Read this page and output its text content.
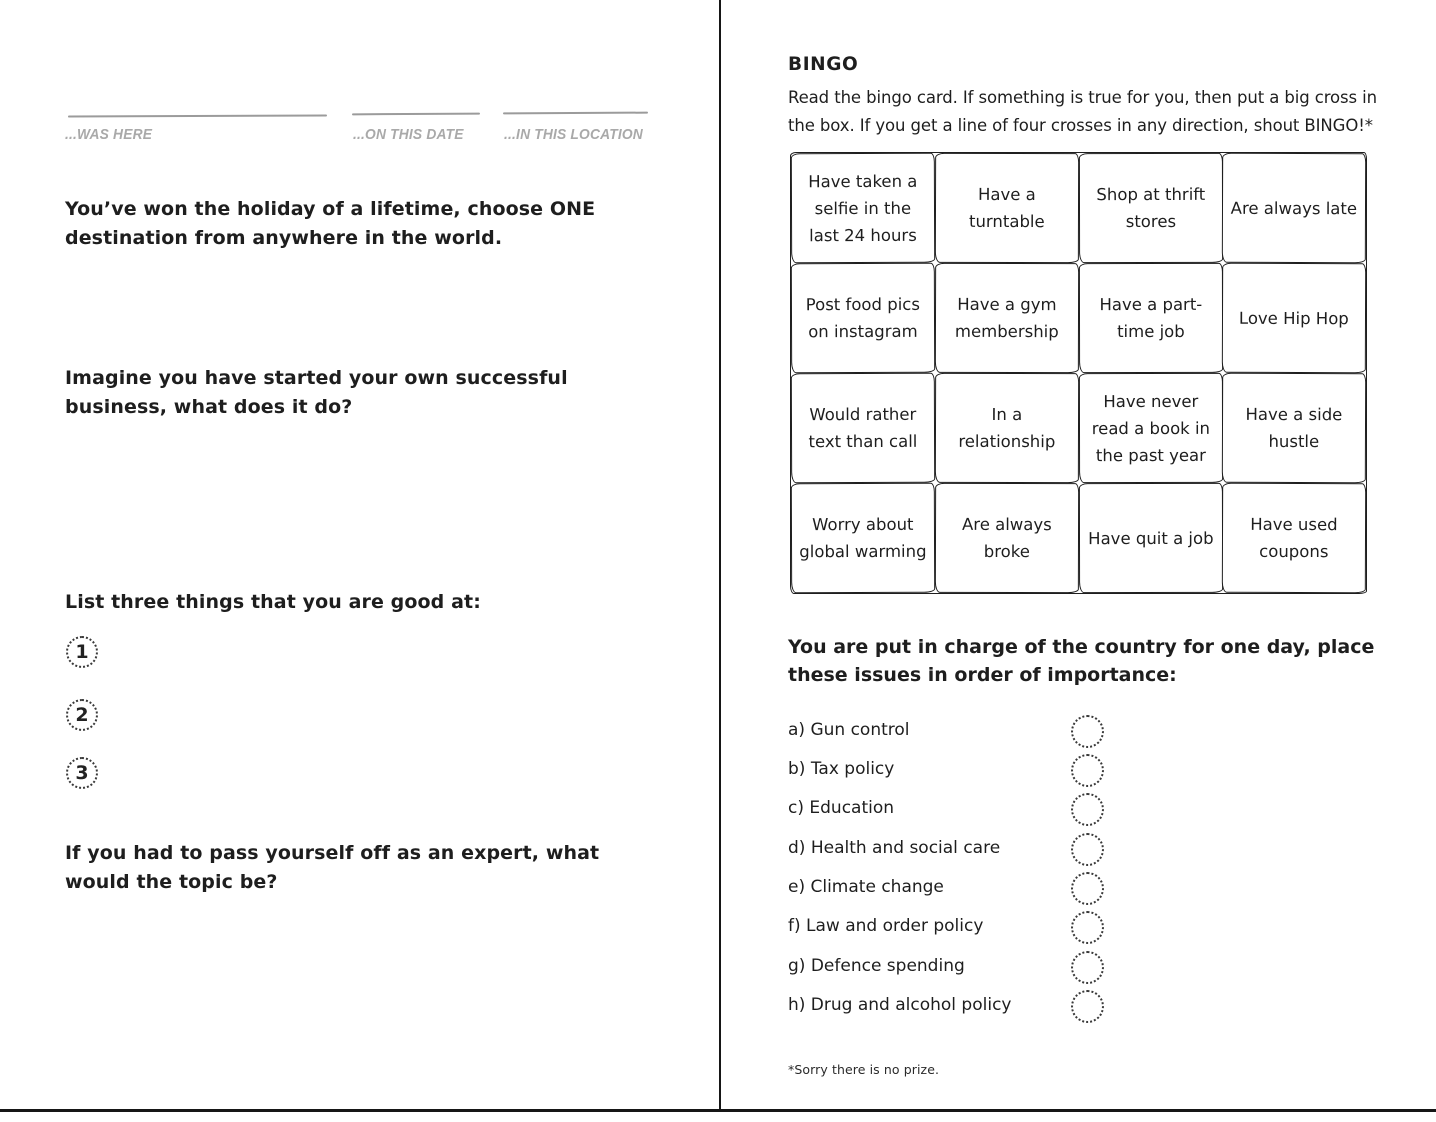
...WAS HERE	...ON THIS DATE	...IN THIS LOCATION
You’ve won the holiday of a lifetime, choose ONE destination from anywhere in the world.
Imagine you have started your own successful business, what does it do?
List three things that you are good at:
1
2
3
If you had to pass yourself off as an expert, what would the topic be?
BINGO
Read the bingo card. If something is true for you, then put a big cross in the box. If you get a line of four crosses in any direction, shout BINGO!*
Have taken a selfie in the last 24 hours
Have a turntable
Shop at thrift stores
Are always late
Post food pics on instagram
Have a gym membership
Have a part-time job
Love Hip Hop
Would rather text than call
In a relationship
Have never read a book in the past year
Have a side hustle
Worry about global warming
Are always broke
Have quit a job
Have used coupons
You are put in charge of the country for one day, place these issues in order of importance:
a) Gun control
b) Tax policy
c) Education
d) Health and social care
e) Climate change
f) Law and order policy
g) Defence spending
h) Drug and alcohol policy
*Sorry there is no prize.
